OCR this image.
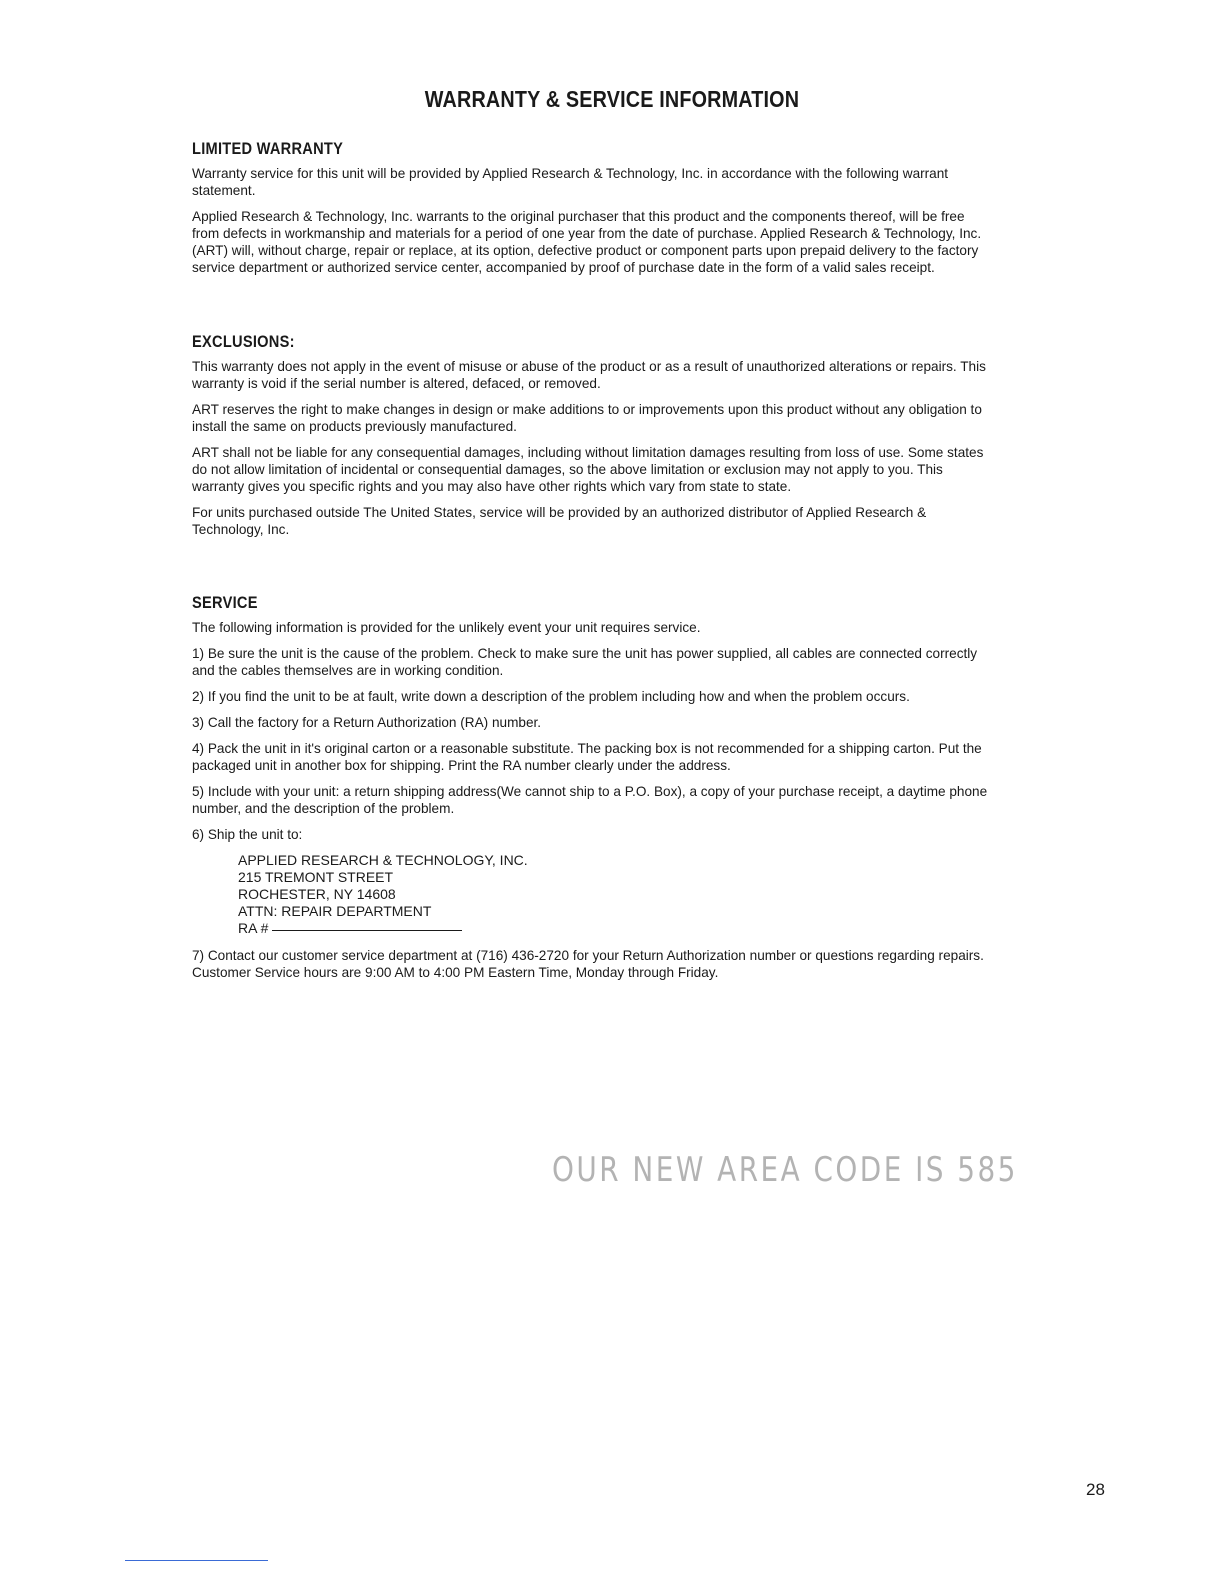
WARRANTY & SERVICE INFORMATION
LIMITED WARRANTY

Warranty service for this unit will be provided by Applied Research & Technology, Inc. in accordance with the following warrant statement.

Applied Research & Technology, Inc. warrants to the original purchaser that this product and the components thereof, will be free from defects in workmanship and materials for a period of one year from the date of purchase. Applied Research & Technology, Inc. (ART) will, without charge, repair or replace, at its option, defective product or component parts upon prepaid delivery to the factory service department or authorized service center, accompanied by proof of purchase date in the form of a valid sales receipt.

EXCLUSIONS:

This warranty does not apply in the event of misuse or abuse of the product or as a result of unauthorized alterations or repairs. This warranty is void if the serial number is altered, defaced, or removed.

ART reserves the right to make changes in design or make additions to or improvements upon this product without any obligation to install the same on products previously manufactured.

ART shall not be liable for any consequential damages, including without limitation damages resulting from loss of use. Some states do not allow limitation of incidental or consequential damages, so the above limitation or exclusion may not apply to you. This warranty gives you specific rights and you may also have other rights which vary from state to state.

For units purchased outside The United States, service will be provided by an authorized distributor of Applied Research & Technology, Inc.

SERVICE

The following information is provided for the unlikely event your unit requires service.

1) Be sure the unit is the cause of the problem. Check to make sure the unit has power supplied, all cables are connected correctly and the cables themselves are in working condition.

2) If you find the unit to be at fault, write down a description of the problem including how and when the problem occurs.

3) Call the factory for a Return Authorization (RA) number.

4) Pack the unit in it's original carton or a reasonable substitute. The packing box is not recommended for a shipping carton. Put the packaged unit in another box for shipping. Print the RA number clearly under the address.

5) Include with your unit: a return shipping address(We cannot ship to a P.O. Box), a copy of your purchase receipt, a daytime phone number, and the description of the problem.

6) Ship the unit to:

APPLIED RESEARCH & TECHNOLOGY, INC.
215 TREMONT STREET
ROCHESTER, NY 14608
ATTN: REPAIR DEPARTMENT
RA #

7) Contact our customer service department at (716) 436-2720 for your Return Authorization number or questions regarding repairs. Customer Service hours are 9:00 AM to 4:00 PM Eastern Time, Monday through Friday.

OUR NEW AREA CODE IS 585
28
